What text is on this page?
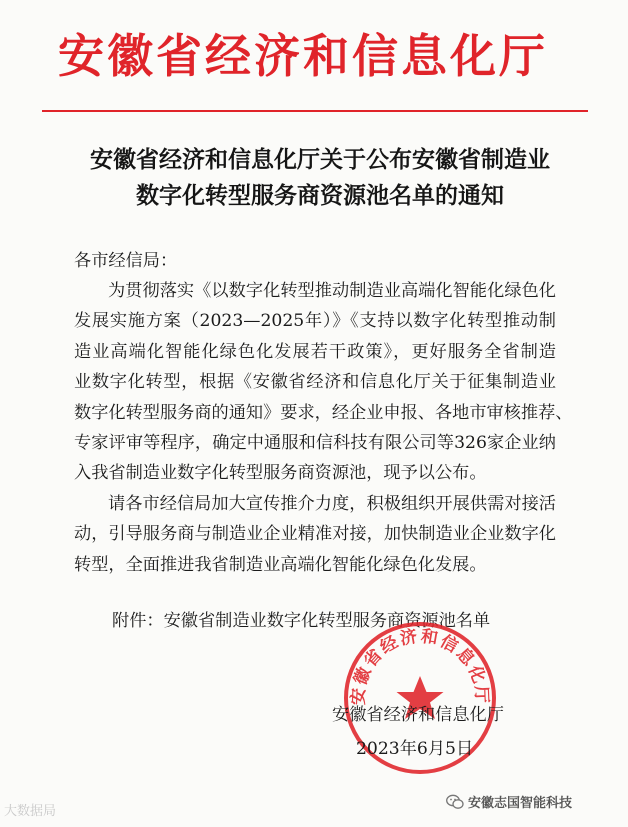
安徽省经济和信息化厅
安徽省经济和信息化厅关于公布安徽省制造业
数字化转型服务商资源池名单的通知
各市经信局：
为贯彻落实《以数字化转型推动制造业高端化智能化绿色化
发展实施方案（2023—2025年）》《支持以数字化转型推动制
造业高端化智能化绿色化发展若干政策》，更好服务全省制造
业数字化转型，根据《安徽省经济和信息化厅关于征集制造业
数字化转型服务商的通知》要求，经企业申报、各地市审核推荐、
专家评审等程序，确定中通服和信科技有限公司等326家企业纳
入我省制造业数字化转型服务商资源池，现予以公布。
请各市经信局加大宣传推介力度，积极组织开展供需对接活
动，引导服务商与制造业企业精准对接，加快制造业企业数字化
转型，全面推进我省制造业高端化智能化绿色化发展。
附件：安徽省制造业数字化转型服务商资源池名单
安徽省经济和信息化厅
安徽省经济和信息化厅
2023年6月5日
大数据局
安徽志国智能科技
